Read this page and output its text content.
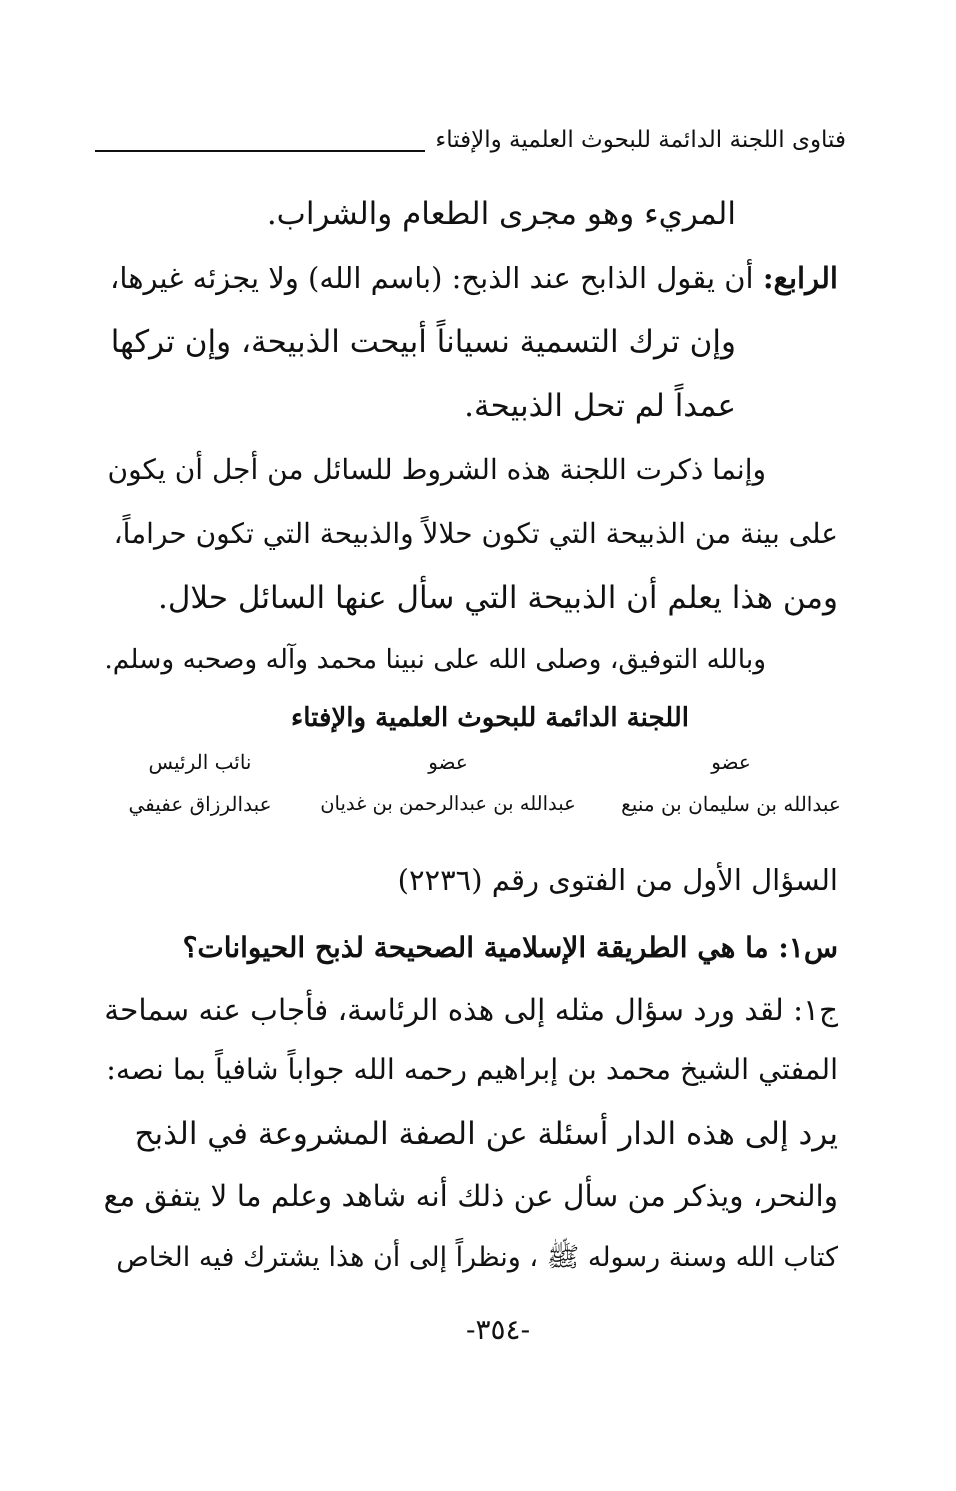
فتاوى اللجنة الدائمة للبحوث العلمية والإفتاء
المريء وهو مجرى الطعام والشراب.
الرابع: أن يقول الذابح عند الذبح: (باسم الله) ولا يجزئه غيرها،
وإن ترك التسمية نسياناً أبيحت الذبيحة، وإن تركها
عمداً لم تحل الذبيحة.
وإنما ذكرت اللجنة هذه الشروط للسائل من أجل أن يكون
على بينة من الذبيحة التي تكون حلالاً والذبيحة التي تكون حراماً،
ومن هذا يعلم أن الذبيحة التي سأل عنها السائل حلال.
وبالله التوفيق، وصلى الله على نبينا محمد وآله وصحبه وسلم.
اللجنة الدائمة للبحوث العلمية والإفتاء
عضو
عضو
نائب الرئيس
عبدالله بن سليمان بن منيع
عبدالله بن عبدالرحمن بن غديان
عبدالرزاق عفيفي
السؤال الأول من الفتوى رقم (٢٢٣٦)
س١: ما هي الطريقة الإسلامية الصحيحة لذبح الحيوانات؟
ج١: لقد ورد سؤال مثله إلى هذه الرئاسة، فأجاب عنه سماحة
المفتي الشيخ محمد بن إبراهيم رحمه الله جواباً شافياً بما نصه:
يرد إلى هذه الدار أسئلة عن الصفة المشروعة في الذبح
والنحر، ويذكر من سأل عن ذلك أنه شاهد وعلم ما لا يتفق مع
كتاب الله وسنة رسوله ﷺ ، ونظراً إلى أن هذا يشترك فيه الخاص
-٣٥٤-
